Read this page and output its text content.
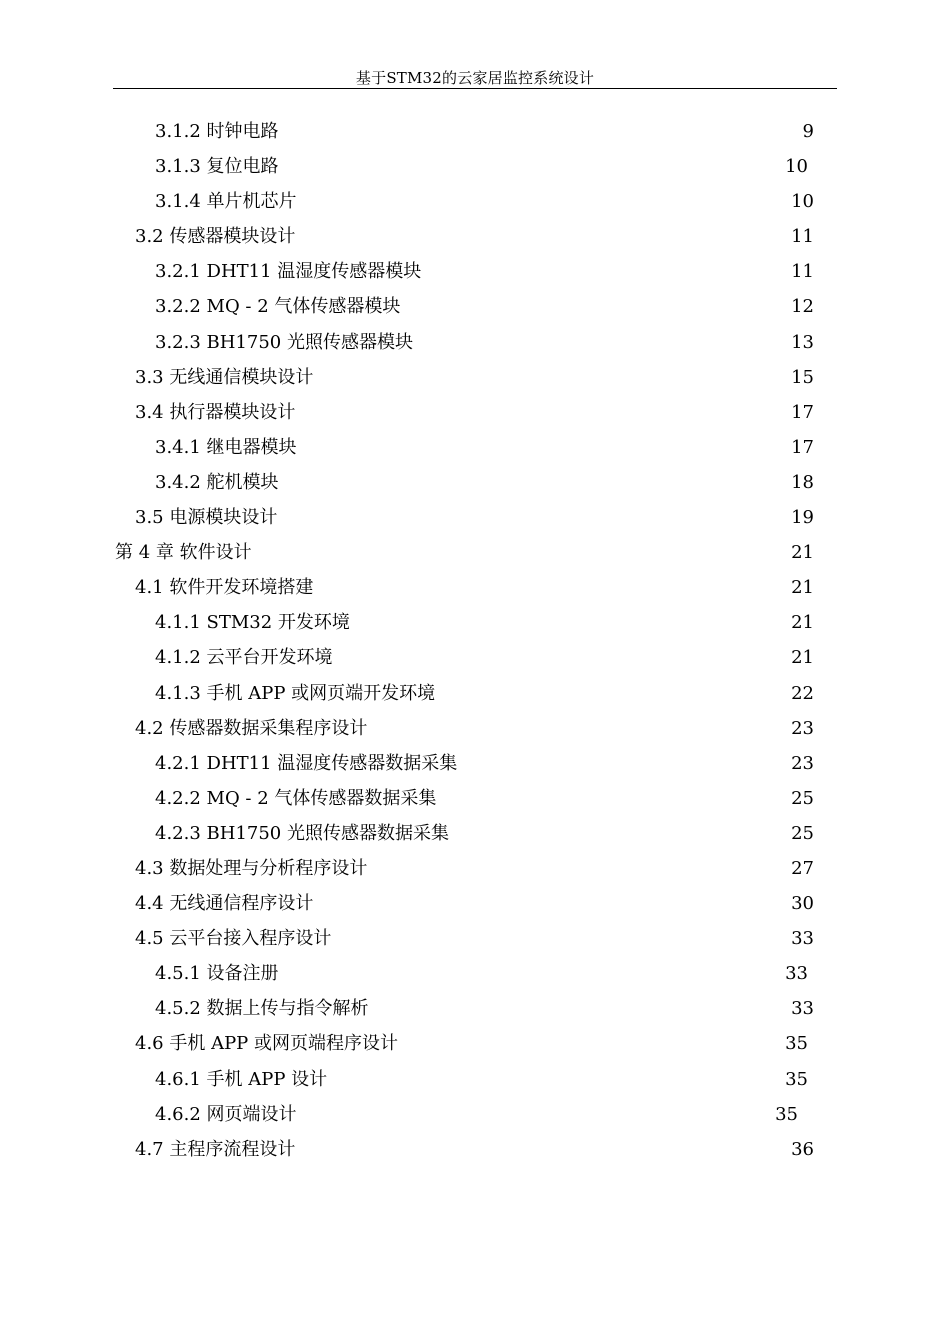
基于STM32的云家居监控系统设计
3.1.2 时钟电路	9
3.1.3 复位电路	10
3.1.4 单片机芯片	10
3.2 传感器模块设计	11
3.2.1 DHT11 温湿度传感器模块	11
3.2.2 MQ - 2 气体传感器模块	12
3.2.3 BH1750 光照传感器模块	13
3.3 无线通信模块设计	15
3.4 执行器模块设计	17
3.4.1 继电器模块	17
3.4.2 舵机模块	18
3.5 电源模块设计	19
第 4 章 软件设计	21
4.1 软件开发环境搭建	21
4.1.1 STM32 开发环境	21
4.1.2 云平台开发环境	21
4.1.3 手机 APP 或网页端开发环境	22
4.2 传感器数据采集程序设计	23
4.2.1 DHT11 温湿度传感器数据采集	23
4.2.2 MQ - 2 气体传感器数据采集	25
4.2.3 BH1750 光照传感器数据采集	25
4.3 数据处理与分析程序设计	27
4.4 无线通信程序设计	30
4.5 云平台接入程序设计	33
4.5.1 设备注册	33
4.5.2 数据上传与指令解析	33
4.6 手机 APP 或网页端程序设计	35
4.6.1 手机 APP 设计	35
4.6.2 网页端设计	35
4.7 主程序流程设计	36
